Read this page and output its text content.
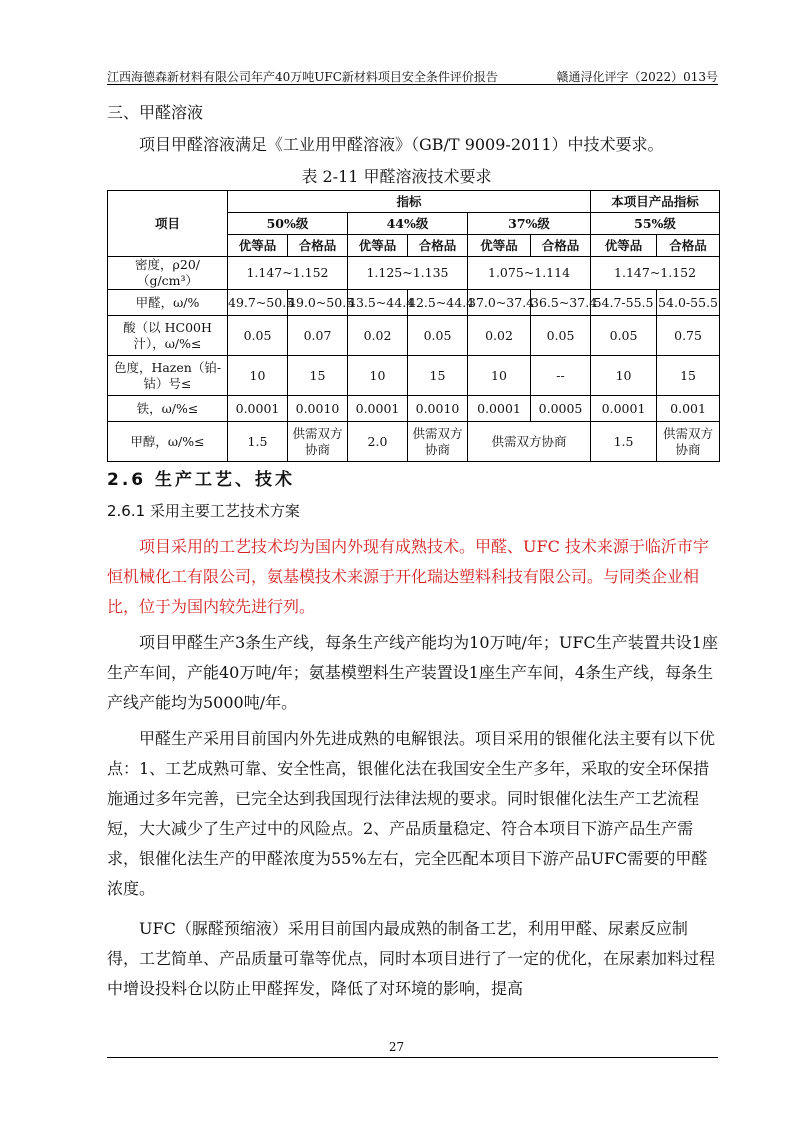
江西海德森新材料有限公司年产40万吨UFC新材料项目安全条件评价报告	赣通浔化评字（2022）013号

三、甲醛溶液

项目甲醛溶液满足《工业用甲醛溶液》（GB/T 9009-2011）中技术要求。

表 2-11 甲醛溶液技术要求
项目	指标						本项目产品指标	
	50%级		44%级		37%级		55%级	
	优等品	合格品	优等品	合格品	优等品	合格品	优等品	合格品
密度，ρ20/（g/cm³）	1.147~1.152		1.125~1.135		1.075~1.114		1.147~1.152	
甲醛，ω/%	49.7~50.5	49.0~50.5	43.5~44.4	42.5~44.4	37.0~37.4	36.5~37.4	54.7-55.5	54.0-55.5
酸（以 HC00H 汁），ω/%≤	0.05	0.07	0.02	0.05	0.02	0.05	0.05	0.75
色度，Hazen（铂-钴）号≤	10	15	10	15	10	--	10	15
铁，ω/%≤	0.0001	0.0010	0.0001	0.0010	0.0001	0.0005	0.0001	0.001
甲醇，ω/%≤	1.5	供需双方协商	2.0	供需双方协商	供需双方协商		1.5	供需双方协商
2.6 生产工艺、技术
2.6.1 采用主要工艺技术方案

项目采用的工艺技术均为国内外现有成熟技术。甲醛、UFC 技术来源于临沂市宇恒机械化工有限公司，氨基模技术来源于开化瑞达塑料科技有限公司。与同类企业相比，位于为国内较先进行列。

项目甲醛生产3条生产线，每条生产线产能均为10万吨/年；UFC生产装置共设1座生产车间，产能40万吨/年；氨基模塑料生产装置设1座生产车间，4条生产线，每条生产线产能均为5000吨/年。

甲醛生产采用目前国内外先进成熟的电解银法。项目采用的银催化法主要有以下优点：1、工艺成熟可靠、安全性高，银催化法在我国安全生产多年，采取的安全环保措施通过多年完善，已完全达到我国现行法律法规的要求。同时银催化法生产工艺流程短，大大减少了生产过中的风险点。2、产品质量稳定、符合本项目下游产品生产需求，银催化法生产的甲醛浓度为55%左右，完全匹配本项目下游产品UFC需要的甲醛浓度。

UFC（脲醛预缩液）采用目前国内最成熟的制备工艺，利用甲醛、尿素反应制得，工艺简单、产品质量可靠等优点，同时本项目进行了一定的优化，在尿素加料过程中增设投料仓以防止甲醛挥发，降低了对环境的影响，提高

27
